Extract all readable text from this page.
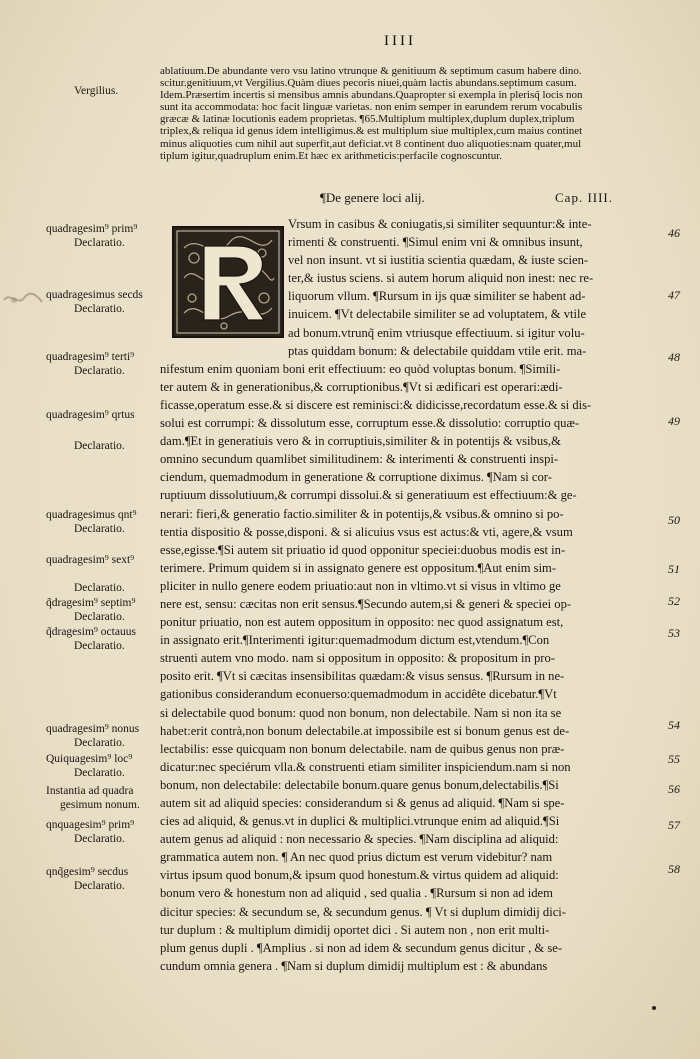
IIII
Vergilius.
ablatiuum.De abundante vero vsu latino vtrunque & genitiuum & septimum casum habere dino.
scitur.genitiuum,vt Vergilius.Quàm diues pecoris niuei,quàm lactis abundans.septimum casum.
Idem.Præsertim incertis si mensibus amnis abundans.Quapropter si exempla in plerisq̃ locis non
sunt ita accommodata: hoc facit linguæ varietas. non enim semper in earundem rerum vocabulis
græcæ & latinæ locutionis eadem proprietas. ¶65.Multiplum multiplex,duplum duplex,triplum
triplex,& reliqua id genus idem intelligimus.& est multiplum siue multiplex,cum maius continet
minus aliquoties cum nihil aut superfit,aut deficiat.vt 8 continent duo aliquoties:nam quater,mul
tiplum igitur,quadruplum enim.Et hæc ex arithmeticis:perfacile cognoscuntur.
¶De genere loci alij.	Cap. IIII.
Vrsum in casibus & coniugatis,si similiter sequuntur:& inte-
rimenti & construenti. ¶Simul enim vni & omnibus insunt,
vel non insunt. vt si iustitia scientia quædam, & iuste scien-
ter,& iustus sciens. si autem horum aliquid non inest: nec re-
liquorum vllum. ¶Rursum in ijs quæ similiter se habent ad-
inuicem. ¶Vt delectabile similiter se ad voluptatem, & vtile
ad bonum.vtrunq̃ enim vtriusque effectiuum. si igitur volu-
ptas quiddam bonum: & delectabile quiddam vtile erit. ma-
nifestum enim quoniam boni erit effectiuum: eo quòd voluptas bonum. ¶Simili-
ter autem & in generationibus,& corruptionibus.¶Vt si ædificari est operari:ædi-
ficasse,operatum esse.& si discere est reminisci:& didicisse,recordatum esse.& si dis-
solui est corrumpi: & dissolutum esse, corruptum esse.& dissolutio: corruptio quæ-
dam.¶Et in generatiuis vero & in corruptiuis,similiter & in potentijs & vsibus,&
omnino secundum quamlibet similitudinem: & interimenti & construenti inspi-
ciendum, quemadmodum in generatione & corruptione diximus. ¶Nam si cor-
ruptiuum dissolutiuum,& corrumpi dissolui.& si generatiuum est effectiuum:& ge-
nerari: fieri,& generatio factio.similiter & in potentijs,& vsibus.& omnino si po-
tentia dispositio & posse,disponi. & si alicuius vsus est actus:& vti, agere,& vsum
esse,egisse.¶Si autem sit priuatio id quod opponitur speciei:duobus modis est in-
terimere. Primum quidem si in assignato genere est oppositum.¶Aut enim sim-
pliciter in nullo genere eodem priuatio:aut non in vltimo.vt si visus in vltimo ge
nere est, sensu: cæcitas non erit sensus.¶Secundo autem,si & generi & speciei op-
ponitur priuatio, non est autem oppositum in opposito: nec quod assignatum est,
in assignato erit.¶Interimenti igitur:quemadmodum dictum est,vtendum.¶Con
struenti autem vno modo. nam si oppositum in opposito: & propositum in pro-
posito erit. ¶Vt si cæcitas insensibilitas quædam:& visus sensus. ¶Rursum in ne-
gationibus considerandum econuerso:quemadmodum in accidête dicebatur.¶Vt
si delectabile quod bonum: quod non bonum, non delectabile. Nam si non ita se
habet:erit contrà,non bonum delectabile.at impossibile est si bonum genus est de-
lectabilis: esse quicquam non bonum delectabile. nam de quibus genus non præ-
dicatur:nec speciérum vlla.& construenti etiam similiter inspiciendum.nam si non
bonum, non delectabile: delectabile bonum.quare genus bonum,delectabilis.¶Si
autem sit ad aliquid species: considerandum si & genus ad aliquid. ¶Nam si spe-
cies ad aliquid, & genus.vt in duplici & multiplici.vtrunque enim ad aliquid.¶Si
autem genus ad aliquid : non necessario & species. ¶Nam disciplina ad aliquid:
grammatica autem non. ¶ An nec quod prius dictum est verum videbitur? nam
virtus ipsum quod bonum,& ipsum quod honestum.& virtus quidem ad aliquid:
bonum vero & honestum non ad aliquid , sed qualia . ¶Rursum si non ad idem
dicitur species: & secundum se, & secundum genus. ¶ Vt si duplum dimidij dici-
tur duplum : & multiplum dimidij oportet dici . Si autem non , non erit multi-
plum genus dupli . ¶Amplius . si non ad idem & secundum genus dicitur , & se-
cundum omnia genera . ¶Nam si duplum dimidij multiplum est : & abundans
quadragesim⁹ prim⁹
Declaratio.
quadragesimus secds
Declaratio.
quadragesim⁹ terti⁹
Declaratio.
quadragesim⁹ qrtus
Declaratio.
quadragesimus qnt⁹
Declaratio.
quadragesim⁹ sext⁹
Declaratio.
q̃dragesim⁹ septim⁹
Declaratio.
q̃dragesim⁹ octauus
Declaratio.
quadragesim⁹ nonus
Declaratio.
Quiquagesim⁹ loc⁹
Declaratio.
Instantia ad quadra
gesimum nonum.
qnquagesim⁹ prim⁹
Declaratio.
qnq̃gesim⁹ secdus
Declaratio.
46
47
48
49
50
51
52
53
54
55
56
57
58
